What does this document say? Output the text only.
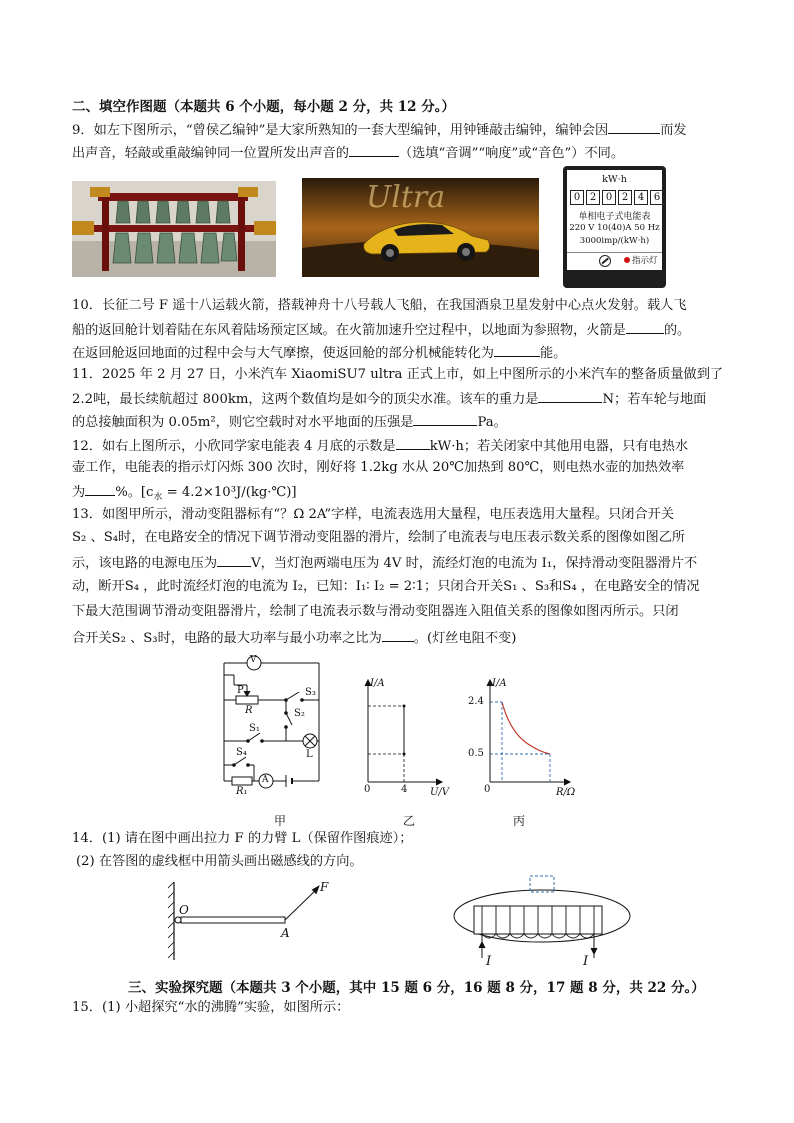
二、填空作图题（本题共 6 个小题，每小题 2 分，共 12 分。）
9．如左下图所示，“曾侯乙编钟”是大家所熟知的一套大型编钟，用钟锤敲击编钟，编钟会因	而发
出声音，轻敲或重敲编钟同一位置所发出声音的	（选填“音调”“响度”或“音色”）不同。
Ultra
kW·h
0 2 0 2 4 6
单相电子式电能表
220 V 10(40)A 50 Hz
3000imp/(kW·h)
指示灯
10．长征二号 F 遥十八运载火箭，搭载神舟十八号载人飞船，在我国酒泉卫星发射中心点火发射。载人飞
船的返回舱计划着陆在东风着陆场预定区域。在火箭加速升空过程中，以地面为参照物，火箭是	的。
在返回舱返回地面的过程中会与大气摩擦，使返回舱的部分机械能转化为	能。
11．2025 年 2 月 27 日，小米汽车 XiaomiSU7 ultra 正式上市，如上中图所示的小米汽车的整备质量做到了
2.2吨，最长续航超过 800km，这两个数值均是如今的顶尖水准。该车的重力是	N；若车轮与地面
的总接触面积为 0.05m²，则它空载时对水平地面的压强是	Pa。
12．如右上图所示，小欣同学家电能表 4 月底的示数是	kW·h；若关闭家中其他用电器，只有电热水
壶工作，电能表的指示灯闪烁 300 次时，刚好将 1.2kg 水从 20℃加热到 80℃，则电热水壶的加热效率
为 %。[$c_水$ = 4.2×10³J/(kg·℃)]
13．如图甲所示，滑动变阻器标有“？Ω 2A”字样，电流表选用大量程，电压表选用大量程。只闭合开关
S₂ 、S₄时，在电路安全的情况下调节滑动变阻器的滑片，绘制了电流表与电压表示数关系的图像如图乙所
示，该电路的电源电压为	V，当灯泡两端电压为 4V 时，流经灯泡的电流为 I₁，保持滑动变阻器滑片不
动，断开S₄ ，此时流经灯泡的电流为 I₂，已知：I₁∶ I₂ = 2∶1；只闭合开关S₁ 、S₃和S₄ ，在电路安全的情况
下最大范围调节滑动变阻器滑片，绘制了电流表示数与滑动变阻器连入阻值关系的图像如图丙所示。只闭
合开关S₂ 、S₃时，电路的最大功率与最小功率之比为 。(灯丝电阻不变)
V
A
P
R
S₃
S₂
S₁
L
S₄
R₁
I/A
U/V
0	4
I/A
R/Ω
0
2.4
0.5
甲	乙	丙
14．(1) 请在图中画出拉力 F 的力臂 L（保留作图痕迹）；
(2) 在答图的虚线框中用箭头画出磁感线的方向。
O
A
F
I	I
三、实验探究题（本题共 3 个小题，其中 15 题 6 分，16 题 8 分，17 题 8 分，共 22 分。）
15．(1) 小超探究“水的沸腾”实验，如图所示：
